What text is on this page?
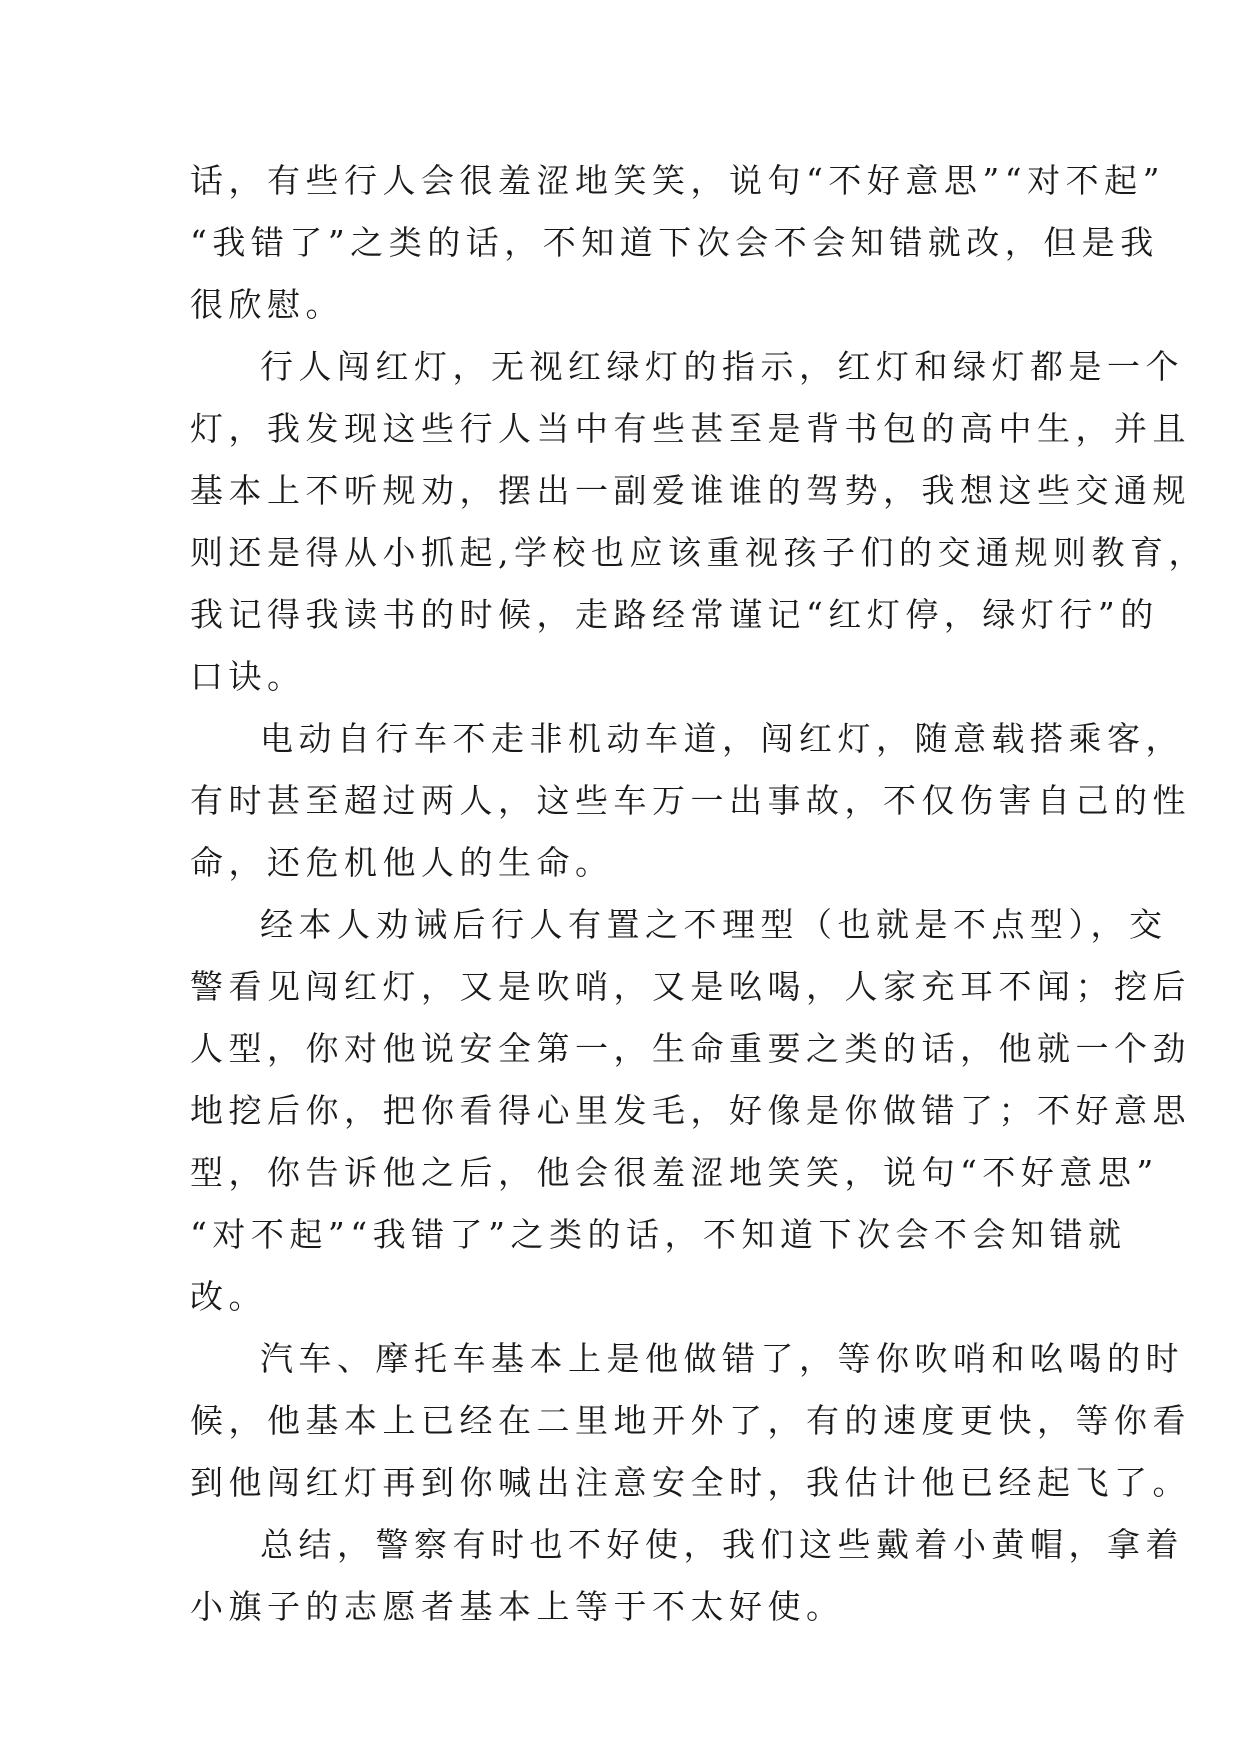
话，有些行人会很羞涩地笑笑，说句“不好意思”“对不起”
“我错了”之类的话，不知道下次会不会知错就改，但是我
很欣慰。
行人闯红灯，无视红绿灯的指示，红灯和绿灯都是一个
灯，我发现这些行人当中有些甚至是背书包的高中生，并且
基本上不听规劝，摆出一副爱谁谁的驾势，我想这些交通规
则还是得从小抓起,学校也应该重视孩子们的交通规则教育，
我记得我读书的时候，走路经常谨记“红灯停，绿灯行”的
口诀。
电动自行车不走非机动车道，闯红灯，随意载搭乘客，
有时甚至超过两人，这些车万一出事故，不仅伤害自己的性
命，还危机他人的生命。
经本人劝诫后行人有置之不理型（也就是不点型），交
警看见闯红灯，又是吹哨，又是吆喝，人家充耳不闻；挖后
人型，你对他说安全第一，生命重要之类的话，他就一个劲
地挖后你，把你看得心里发毛，好像是你做错了；不好意思
型，你告诉他之后，他会很羞涩地笑笑，说句“不好意思”
“对不起”“我错了”之类的话，不知道下次会不会知错就
改。
汽车、摩托车基本上是他做错了，等你吹哨和吆喝的时
候，他基本上已经在二里地开外了，有的速度更快，等你看
到他闯红灯再到你喊出注意安全时，我估计他已经起飞了。
总结，警察有时也不好使，我们这些戴着小黄帽，拿着
小旗子的志愿者基本上等于不太好使。
